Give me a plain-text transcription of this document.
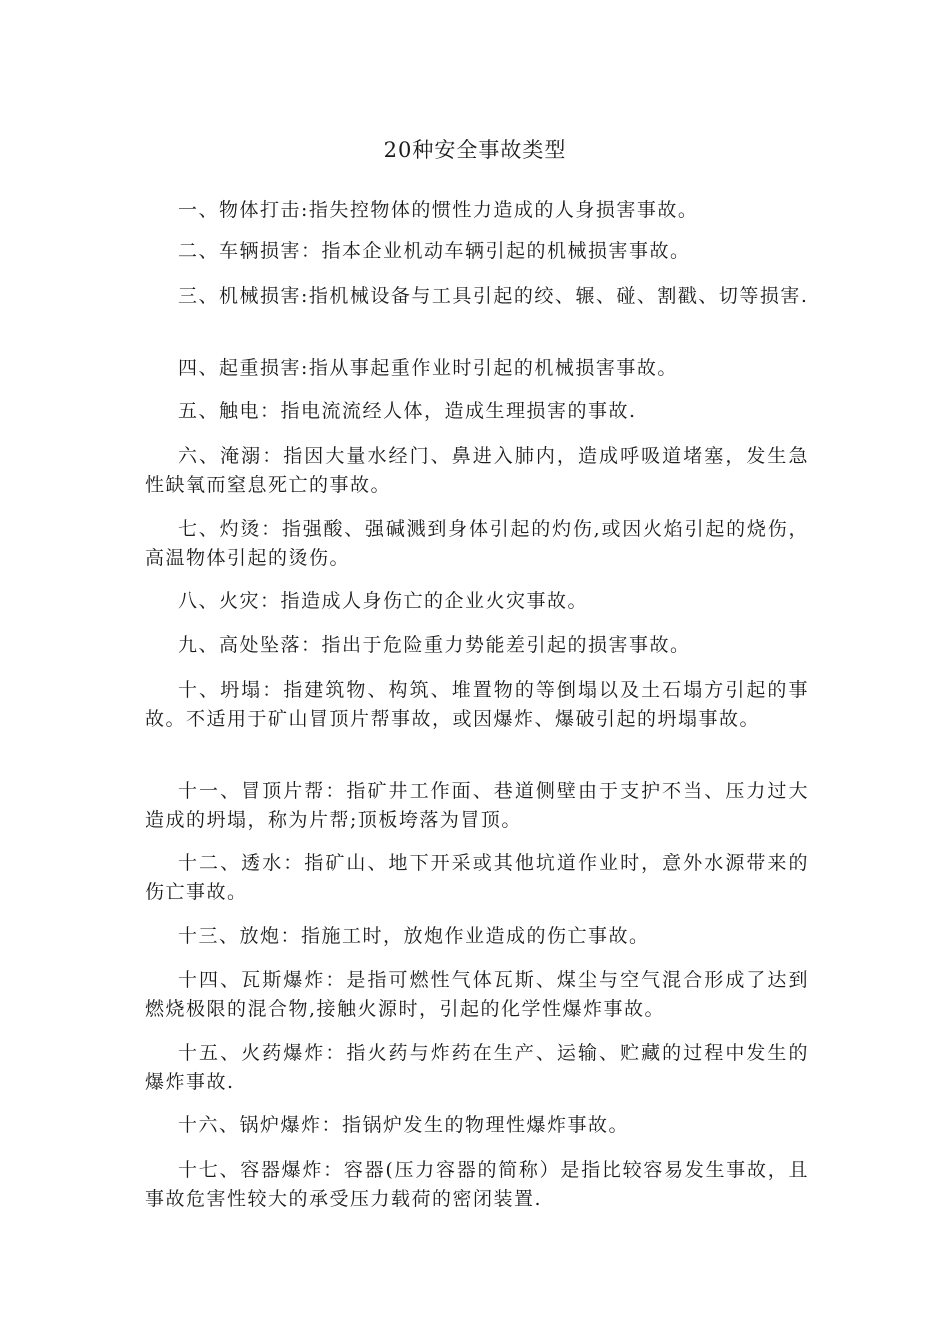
20种安全事故类型

一、物体打击:指失控物体的惯性力造成的人身损害事故。

二、车辆损害：指本企业机动车辆引起的机械损害事故。

三、机械损害:指机械设备与工具引起的绞、辗、碰、割戳、切等损害.

四、起重损害:指从事起重作业时引起的机械损害事故。

五、触电：指电流流经人体，造成生理损害的事故.

六、淹溺：指因大量水经门、鼻进入肺内，造成呼吸道堵塞，发生急性缺氧而窒息死亡的事故。

七、灼烫：指强酸、强碱溅到身体引起的灼伤,或因火焰引起的烧伤，高温物体引起的烫伤。

八、火灾：指造成人身伤亡的企业火灾事故。

九、高处坠落：指出于危险重力势能差引起的损害事故。

十、坍塌：指建筑物、构筑、堆置物的等倒塌以及土石塌方引起的事故。不适用于矿山冒顶片帮事故，或因爆炸、爆破引起的坍塌事故。

十一、冒顶片帮：指矿井工作面、巷道侧壁由于支护不当、压力过大造成的坍塌，称为片帮;顶板垮落为冒顶。

十二、透水：指矿山、地下开采或其他坑道作业时，意外水源带来的伤亡事故。

十三、放炮：指施工时，放炮作业造成的伤亡事故。

十四、瓦斯爆炸：是指可燃性气体瓦斯、煤尘与空气混合形成了达到燃烧极限的混合物,接触火源时，引起的化学性爆炸事故。

十五、火药爆炸：指火药与炸药在生产、运输、贮藏的过程中发生的爆炸事故.

十六、锅炉爆炸：指锅炉发生的物理性爆炸事故。

十七、容器爆炸：容器(压力容器的简称）是指比较容易发生事故，且事故危害性较大的承受压力载荷的密闭装置.
